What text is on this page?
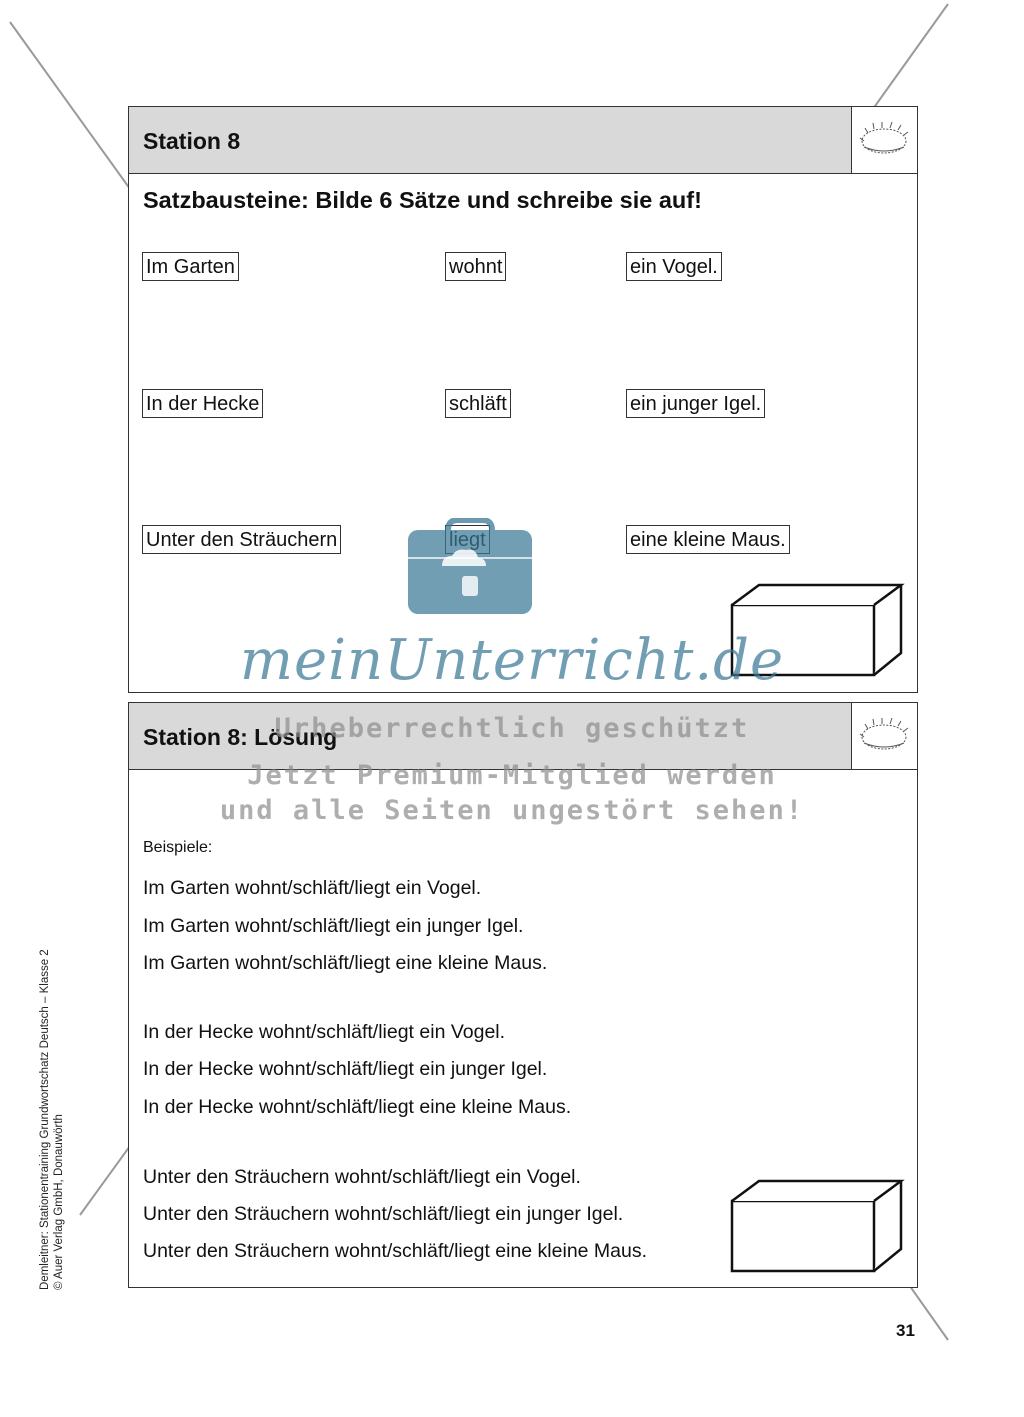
Station 8
Satzbausteine: Bilde 6 Sätze und schreibe sie auf!
Im Garten
In der Hecke
Unter den Sträuchern
wohnt
schläft
ein Vogel.
ein junger Igel.
eine kleine Maus.
Station 8: Lösung
Beispiele:
Im Garten wohnt/schläft/liegt ein Vogel.
Im Garten wohnt/schläft/liegt ein junger Igel.
Im Garten wohnt/schläft/liegt eine kleine Maus.
In der Hecke wohnt/schläft/liegt ein Vogel.
In der Hecke wohnt/schläft/liegt ein junger Igel.
In der Hecke wohnt/schläft/liegt eine kleine Maus.
Unter den Sträuchern wohnt/schläft/liegt ein Vogel.
Unter den Sträuchern wohnt/schläft/liegt ein junger Igel.
Unter den Sträuchern wohnt/schläft/liegt eine kleine Maus.
meinUnterricht.de
Urheberrechtlich geschützt
Jetzt Premium-Mitglied werden
und alle Seiten ungestört sehen!
Demleitner: Stationentraining Grundwortschatz Deutsch – Klasse 2 © Auer Verlag GmbH, Donauwörth
31
